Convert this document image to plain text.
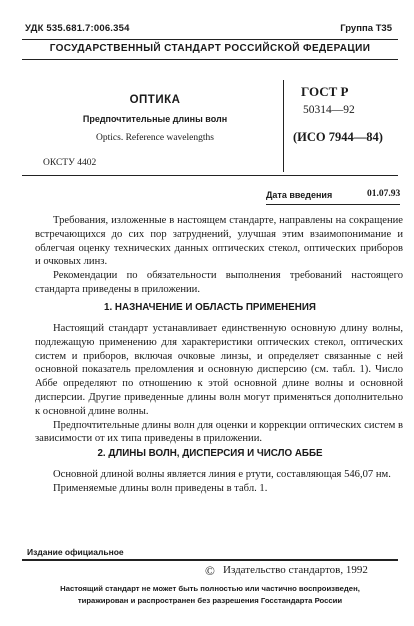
УДК 535.681.7:006.354	Группа Т35
ГОСУДАРСТВЕННЫЙ СТАНДАРТ РОССИЙСКОЙ ФЕДЕРАЦИИ
ОПТИКА
Предпочтительные длины волн
Optics. Reference wavelengths
ГОСТ Р
50314—92
(ИСО 7944—84)
ОКСТУ 4402
Дата введения	01.07.93

Требования, изложенные в настоящем стандарте, направлены на сокращение встречающихся до сих пор затруднений, улучшая этим взаимопонимание и облегчая оценку технических данных оптических стекол, оптических приборов и очковых линз.

Рекомендации по обязательности выполнения требований настоящего стандарта приведены в приложении.

1. НАЗНАЧЕНИЕ И ОБЛАСТЬ ПРИМЕНЕНИЯ

Настоящий стандарт устанавливает единственную основную длину волны, подлежащую применению для характеристики оптических стекол, оптических систем и приборов, включая очковые линзы, и определяет связанные с ней основной показатель преломления и основную дисперсию (см. табл. 1). Число Аббе определяют по отношению к этой основной длине волны и основной дисперсии. Другие приведенные длины волн могут применяться дополнительно к основной длине волны.

Предпочтительные длины волн для оценки и коррекции оптических систем в зависимости от их типа приведены в приложении.

2. ДЛИНЫ ВОЛН, ДИСПЕРСИЯ И ЧИСЛО АББЕ

Основной длиной волны является линия е ртути, составляющая 546,07 нм.

Применяемые длины волн приведены в табл. 1.

Издание официальное
© Издательство стандартов, 1992
Настоящий стандарт не может быть полностью или частично воспроизведен,
тиражирован и распространен без разрешения Госстандарта России
